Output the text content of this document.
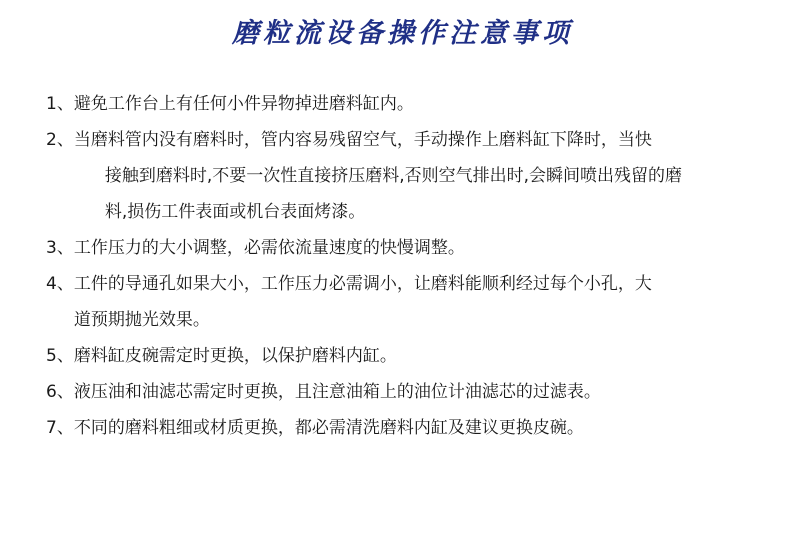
磨粒流设备操作注意事项
1、 避免工作台上有任何小件异物掉进磨料缸内。
2、 当磨料管内没有磨料时，管内容易残留空气，手动操作上磨料缸下降时，当快
接触到磨料时,不要一次性直接挤压磨料,否则空气排出时,会瞬间喷出残留的磨
料,损伤工件表面或机台表面烤漆。
3、 工作压力的大小调整，必需依流量速度的快慢调整。
4、 工件的导通孔如果大小，工作压力必需调小，让磨料能顺利经过每个小孔，大
道预期抛光效果。
5、 磨料缸皮碗需定时更换，以保护磨料内缸。
6、 液压油和油滤芯需定时更换，且注意油箱上的油位计油滤芯的过滤表。
7、 不同的磨料粗细或材质更换，都必需清洗磨料内缸及建议更换皮碗。
